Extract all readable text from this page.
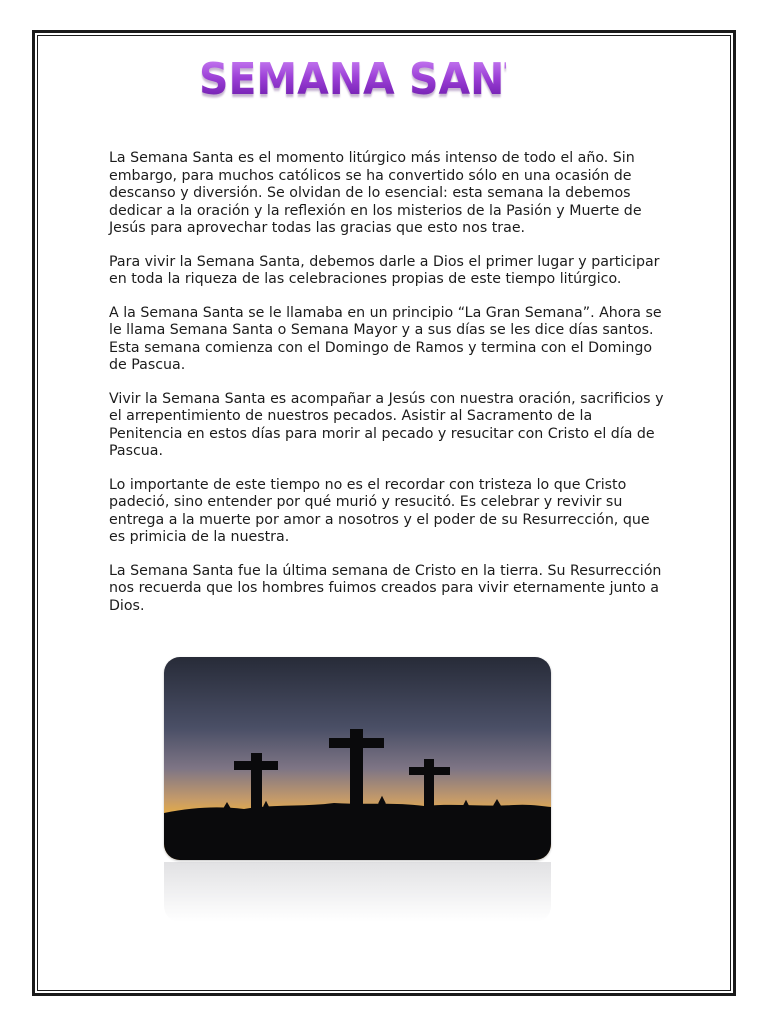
SEMANA SANTA

La Semana Santa es el momento litúrgico más intenso de todo el año. Sin embargo, para muchos católicos se ha convertido sólo en una ocasión de descanso y diversión. Se olvidan de lo esencial: esta semana la debemos dedicar a la oración y la reflexión en los misterios de la Pasión y Muerte de Jesús para aprovechar todas las gracias que esto nos trae.

Para vivir la Semana Santa, debemos darle a Dios el primer lugar y participar en toda la riqueza de las celebraciones propias de este tiempo litúrgico.

A la Semana Santa se le llamaba en un principio “La Gran Semana”. Ahora se le llama Semana Santa o Semana Mayor y a sus días se les dice días santos. Esta semana comienza con el Domingo de Ramos y termina con el Domingo de Pascua.

Vivir la Semana Santa es acompañar a Jesús con nuestra oración, sacrificios y el arrepentimiento de nuestros pecados. Asistir al Sacramento de la Penitencia en estos días para morir al pecado y resucitar con Cristo el día de Pascua.

Lo importante de este tiempo no es el recordar con tristeza lo que Cristo padeció, sino entender por qué murió y resucitó. Es celebrar y revivir su entrega a la muerte por amor a nosotros y el poder de su Resurrección, que es primicia de la nuestra.

La Semana Santa fue la última semana de Cristo en la tierra. Su Resurrección nos recuerda que los hombres fuimos creados para vivir eternamente junto a Dios.
